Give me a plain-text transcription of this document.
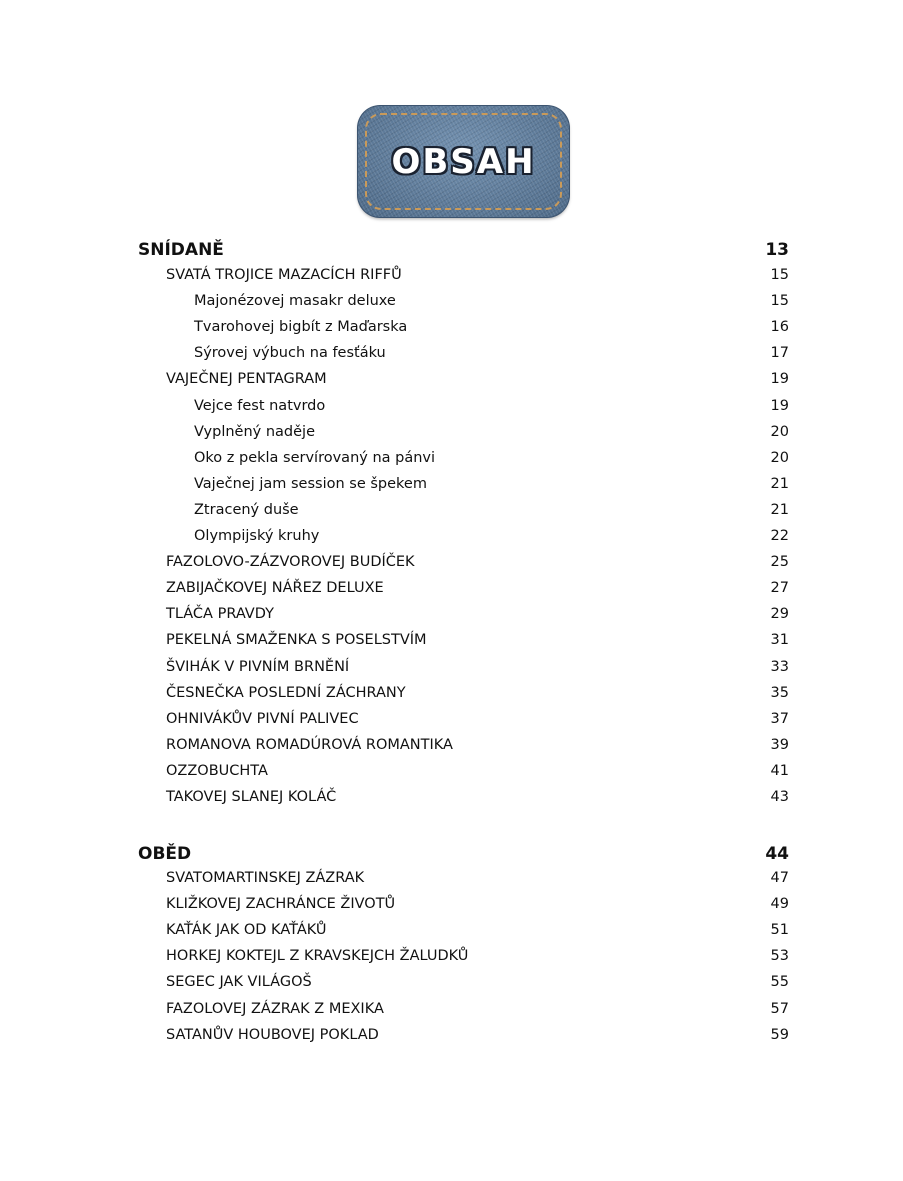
OBSAH
SNÍDANĚ	13
SVATÁ TROJICE MAZACÍCH RIFFŮ	15
Majonézovej masakr deluxe	15
Tvarohovej bigbít z Maďarska	16
Sýrovej výbuch na fesťáku	17
VAJEČNEJ PENTAGRAM	19
Vejce fest natvrdo	19
Vyplněný naděje	20
Oko z pekla servírovaný na pánvi	20
Vaječnej jam session se špekem	21
Ztracený duše	21
Olympijský kruhy	22
FAZOLOVO-ZÁZVOROVEJ BUDÍČEK	25
ZABIJAČKOVEJ NÁŘEZ DELUXE	27
TLÁČA PRAVDY	29
PEKELNÁ SMAŽENKA S POSELSTVÍM	31
ŠVIHÁK V PIVNÍM BRNĚNÍ	33
ČESNEČKA POSLEDNÍ ZÁCHRANY	35
OHNIVÁKŮV PIVNÍ PALIVEC	37
ROMANOVA ROMADÚROVÁ ROMANTIKA	39
OZZOBUCHTA	41
TAKOVEJ SLANEJ KOLÁČ	43
OBĚD	44
SVATOMARTINSKEJ ZÁZRAK	47
KLIŽKOVEJ ZACHRÁNCE ŽIVOTŮ	49
KAŤÁK JAK OD KAŤÁKŮ	51
HORKEJ KOKTEJL Z KRAVSKEJCH ŽALUDKŮ	53
SEGEC JAK VILÁGOŠ	55
FAZOLOVEJ ZÁZRAK Z MEXIKA	57
SATANŮV HOUBOVEJ POKLAD	59
